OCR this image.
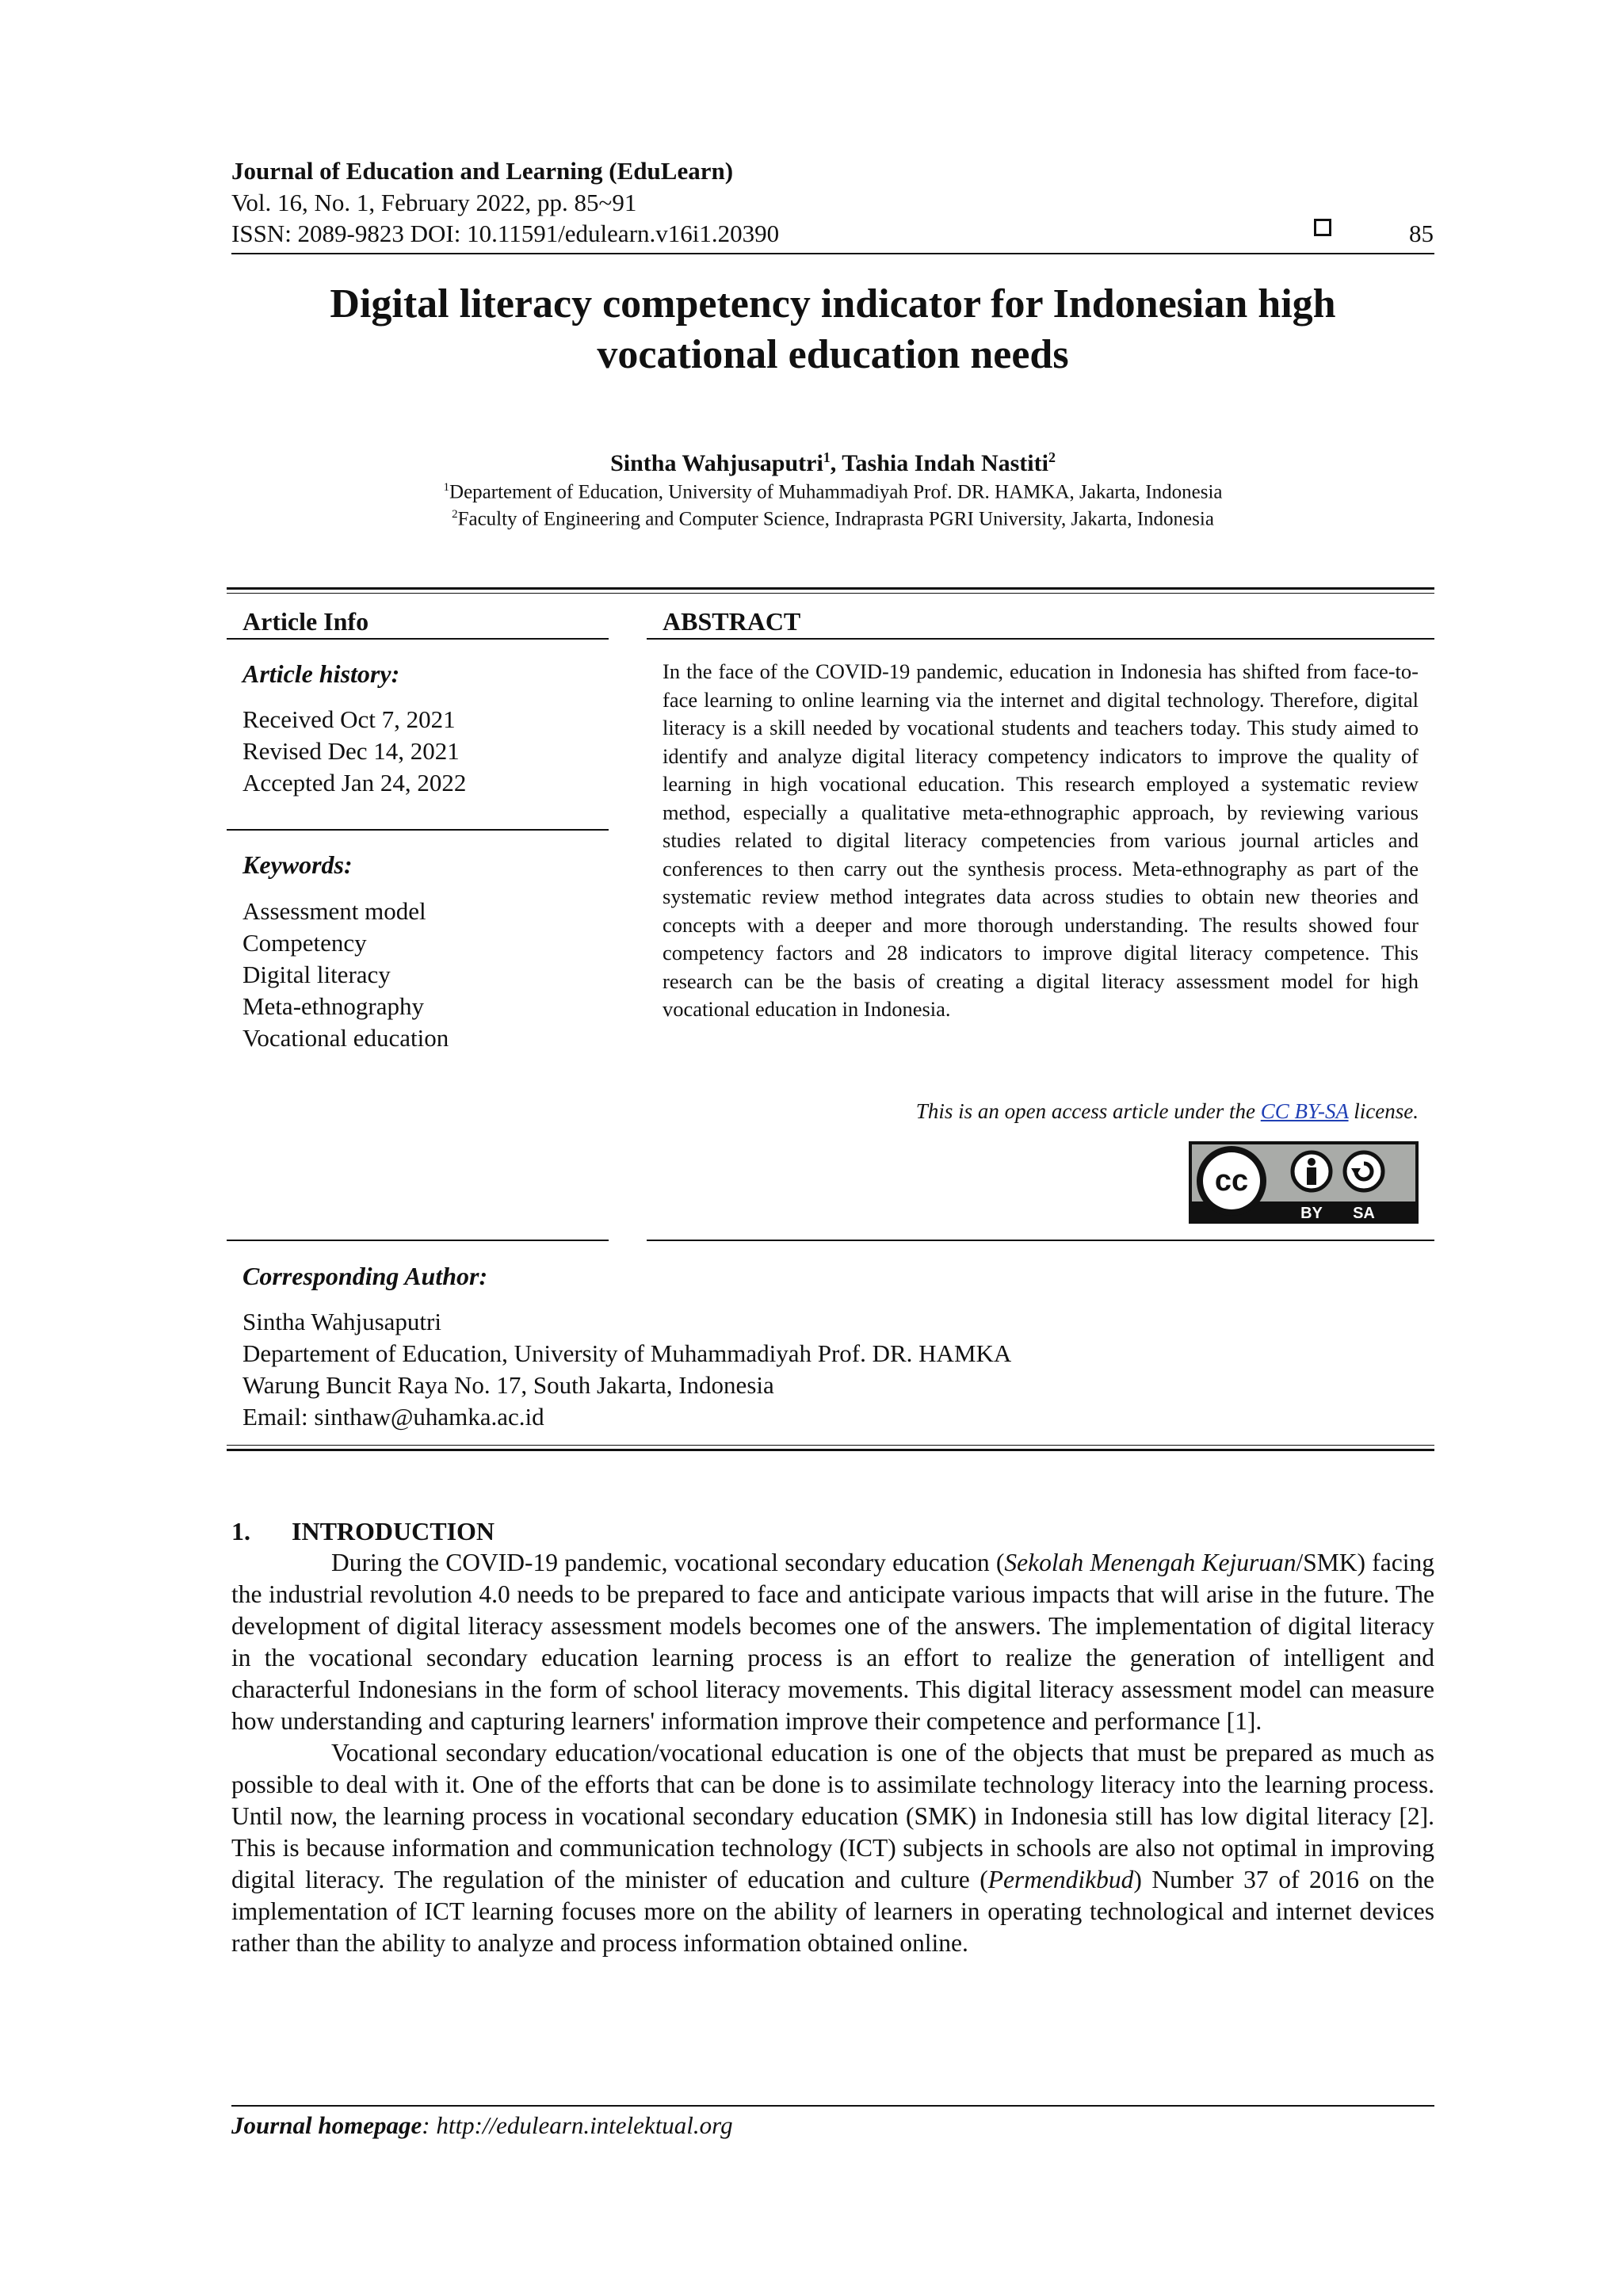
Journal of Education and Learning (EduLearn)
Vol. 16, No. 1, February 2022, pp. 85~91
ISSN: 2089-9823 DOI: 10.11591/edulearn.v16i1.20390	85
Digital literacy competency indicator for Indonesian high
vocational education needs
Sintha Wahjusaputri$^1$, Tashia Indah Nastiti$^2$
$^1$Departement of Education, University of Muhammadiyah Prof. DR. HAMKA, Jakarta, Indonesia
$^2$Faculty of Engineering and Computer Science, Indraprasta PGRI University, Jakarta, Indonesia
Article Info
Article history:
Received Oct 7, 2021
Revised Dec 14, 2021
Accepted Jan 24, 2022
Keywords:
Assessment model
Competency
Digital literacy
Meta-ethnography
Vocational education
ABSTRACT
In the face of the COVID-19 pandemic, education in Indonesia has shifted from face-to-face learning to online learning via the internet and digital technology. Therefore, digital literacy is a skill needed by vocational students and teachers today. This study aimed to identify and analyze digital literacy competency indicators to improve the quality of learning in high vocational education. This research employed a systematic review method, especially a qualitative meta-ethnographic approach, by reviewing various studies related to digital literacy competencies from various journal articles and conferences to then carry out the synthesis process. Meta-ethnography as part of the systematic review method integrates data across studies to obtain new theories and concepts with a deeper and more thorough understanding. The results showed four competency factors and 28 indicators to improve digital literacy competence. This research can be the basis of creating a digital literacy assessment model for high vocational education in Indonesia.
This is an open access article under the CC BY-SA license.
cc
BY SA
Corresponding Author:
Sintha Wahjusaputri
Departement of Education, University of Muhammadiyah Prof. DR. HAMKA
Warung Buncit Raya No. 17, South Jakarta, Indonesia
Email: sinthaw@uhamka.ac.id
1. INTRODUCTION

During the COVID-19 pandemic, vocational secondary education (Sekolah Menengah Kejuruan/SMK) facing the industrial revolution 4.0 needs to be prepared to face and anticipate various impacts that will arise in the future. The development of digital literacy assessment models becomes one of the answers. The implementation of digital literacy in the vocational secondary education learning process is an effort to realize the generation of intelligent and characterful Indonesians in the form of school literacy movements. This digital literacy assessment model can measure how understanding and capturing learners' information improve their competence and performance [1].

Vocational secondary education/vocational education is one of the objects that must be prepared as much as possible to deal with it. One of the efforts that can be done is to assimilate technology literacy into the learning process. Until now, the learning process in vocational secondary education (SMK) in Indonesia still has low digital literacy [2]. This is because information and communication technology (ICT) subjects in schools are also not optimal in improving digital literacy. The regulation of the minister of education and culture (Permendikbud) Number 37 of 2016 on the implementation of ICT learning focuses more on the ability of learners in operating technological and internet devices rather than the ability to analyze and process information obtained online.

Journal homepage: http://edulearn.intelektual.org
